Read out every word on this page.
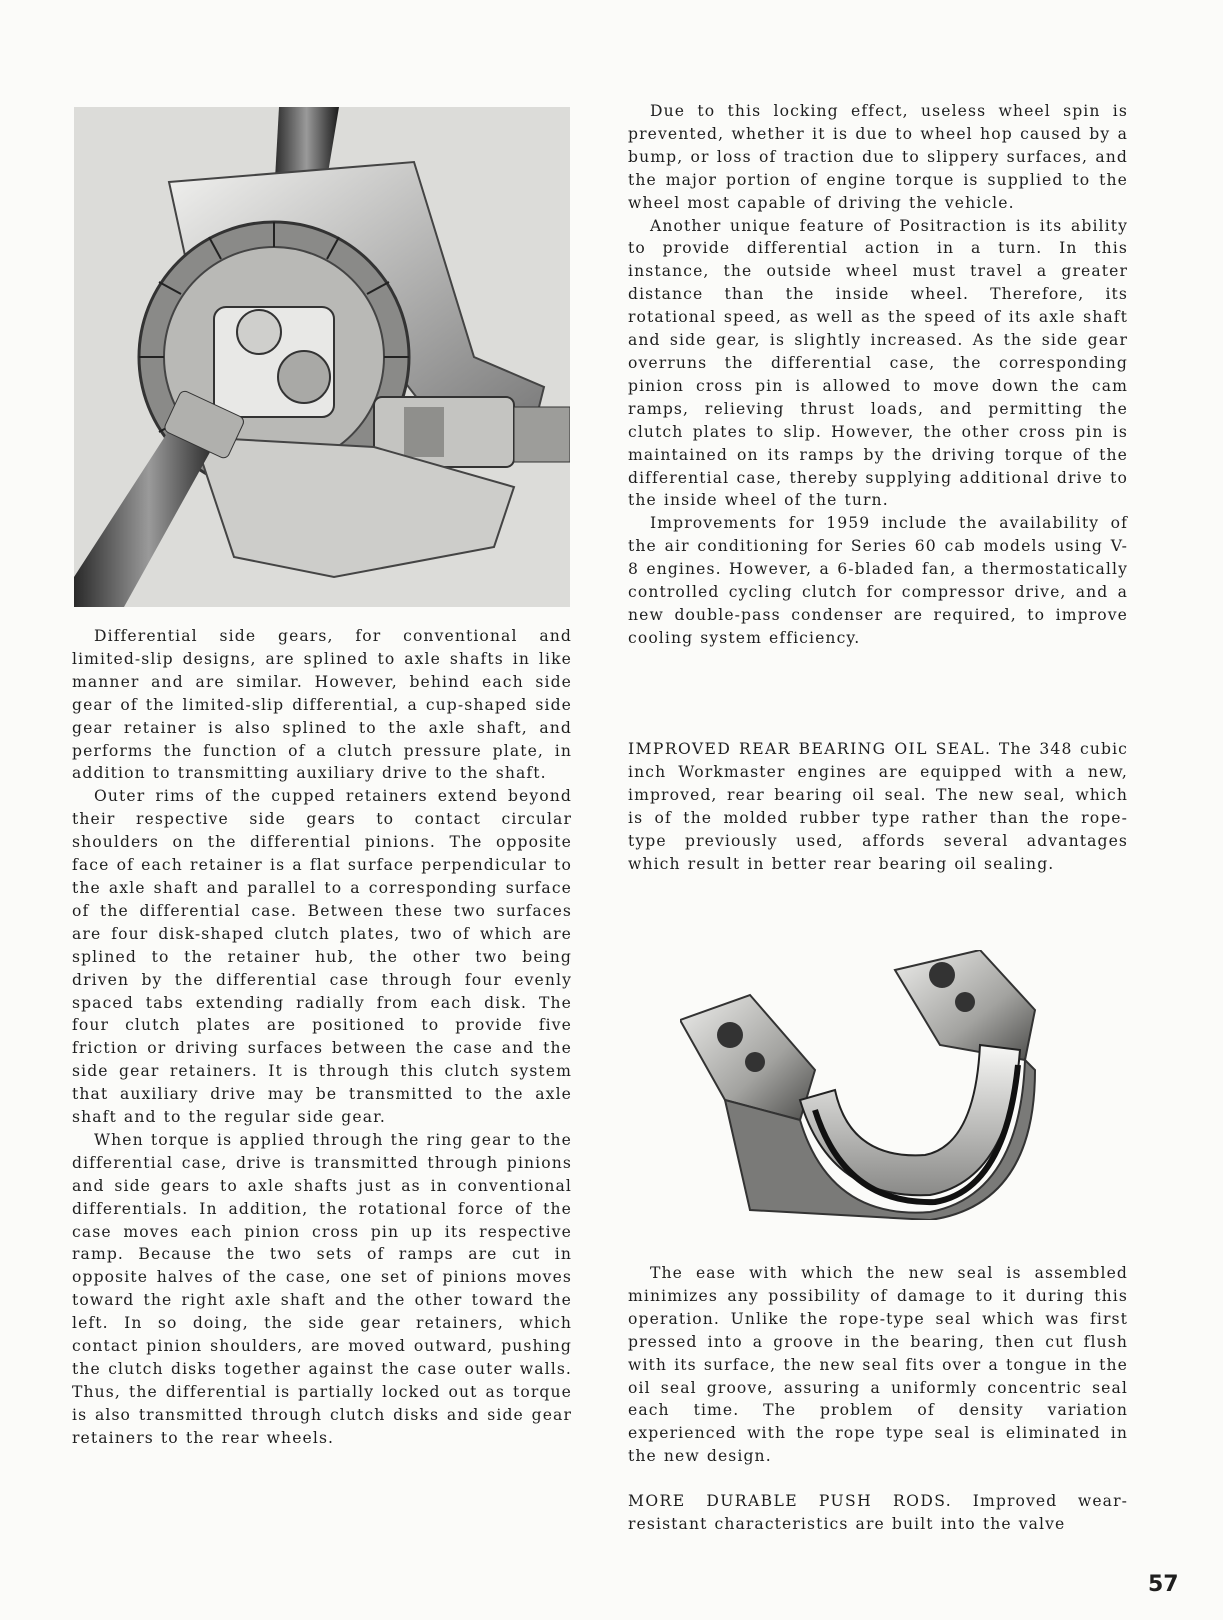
Differential side gears, for conventional and limited-slip designs, are splined to axle shafts in like manner and are similar. However, behind each side gear of the limited-slip differential, a cup-shaped side gear retainer is also splined to the axle shaft, and performs the function of a clutch pressure plate, in addition to transmitting auxiliary drive to the shaft.

Outer rims of the cupped retainers extend beyond their respective side gears to contact circular shoulders on the differential pinions. The opposite face of each retainer is a flat surface perpendicular to the axle shaft and parallel to a corresponding surface of the differential case. Between these two surfaces are four disk-shaped clutch plates, two of which are splined to the retainer hub, the other two being driven by the differential case through four evenly spaced tabs extending radially from each disk. The four clutch plates are positioned to provide five friction or driving surfaces between the case and the side gear retainers. It is through this clutch system that auxiliary drive may be transmitted to the axle shaft and to the regular side gear.

When torque is applied through the ring gear to the differential case, drive is transmitted through pinions and side gears to axle shafts just as in conventional differentials. In addition, the rotational force of the case moves each pinion cross pin up its respective ramp. Because the two sets of ramps are cut in opposite halves of the case, one set of pinions moves toward the right axle shaft and the other toward the left. In so doing, the side gear retainers, which contact pinion shoulders, are moved outward, pushing the clutch disks together against the case outer walls. Thus, the differential is partially locked out as torque is also transmitted through clutch disks and side gear retainers to the rear wheels.

Due to this locking effect, useless wheel spin is prevented, whether it is due to wheel hop caused by a bump, or loss of traction due to slippery surfaces, and the major portion of engine torque is supplied to the wheel most capable of driving the vehicle.

Another unique feature of Positraction is its ability to provide differential action in a turn. In this instance, the outside wheel must travel a greater distance than the inside wheel. Therefore, its rotational speed, as well as the speed of its axle shaft and side gear, is slightly increased. As the side gear overruns the differential case, the corresponding pinion cross pin is allowed to move down the cam ramps, relieving thrust loads, and permitting the clutch plates to slip. However, the other cross pin is maintained on its ramps by the driving torque of the differential case, thereby supplying additional drive to the inside wheel of the turn.

Improvements for 1959 include the availability of the air conditioning for Series 60 cab models using V-8 engines. However, a 6-bladed fan, a thermostatically controlled cycling clutch for compressor drive, and a new double-pass condenser are required, to improve cooling system efficiency.

IMPROVED REAR BEARING OIL SEAL. The 348 cubic inch Workmaster engines are equipped with a new, improved, rear bearing oil seal. The new seal, which is of the molded rubber type rather than the rope-type previously used, affords several advantages which result in better rear bearing oil sealing.

The ease with which the new seal is assembled minimizes any possibility of damage to it during this operation. Unlike the rope-type seal which was first pressed into a groove in the bearing, then cut flush with its surface, the new seal fits over a tongue in the oil seal groove, assuring a uniformly concentric seal each time. The problem of density variation experienced with the rope type seal is eliminated in the new design.

MORE DURABLE PUSH RODS. Improved wear-resistant characteristics are built into the valve

57
